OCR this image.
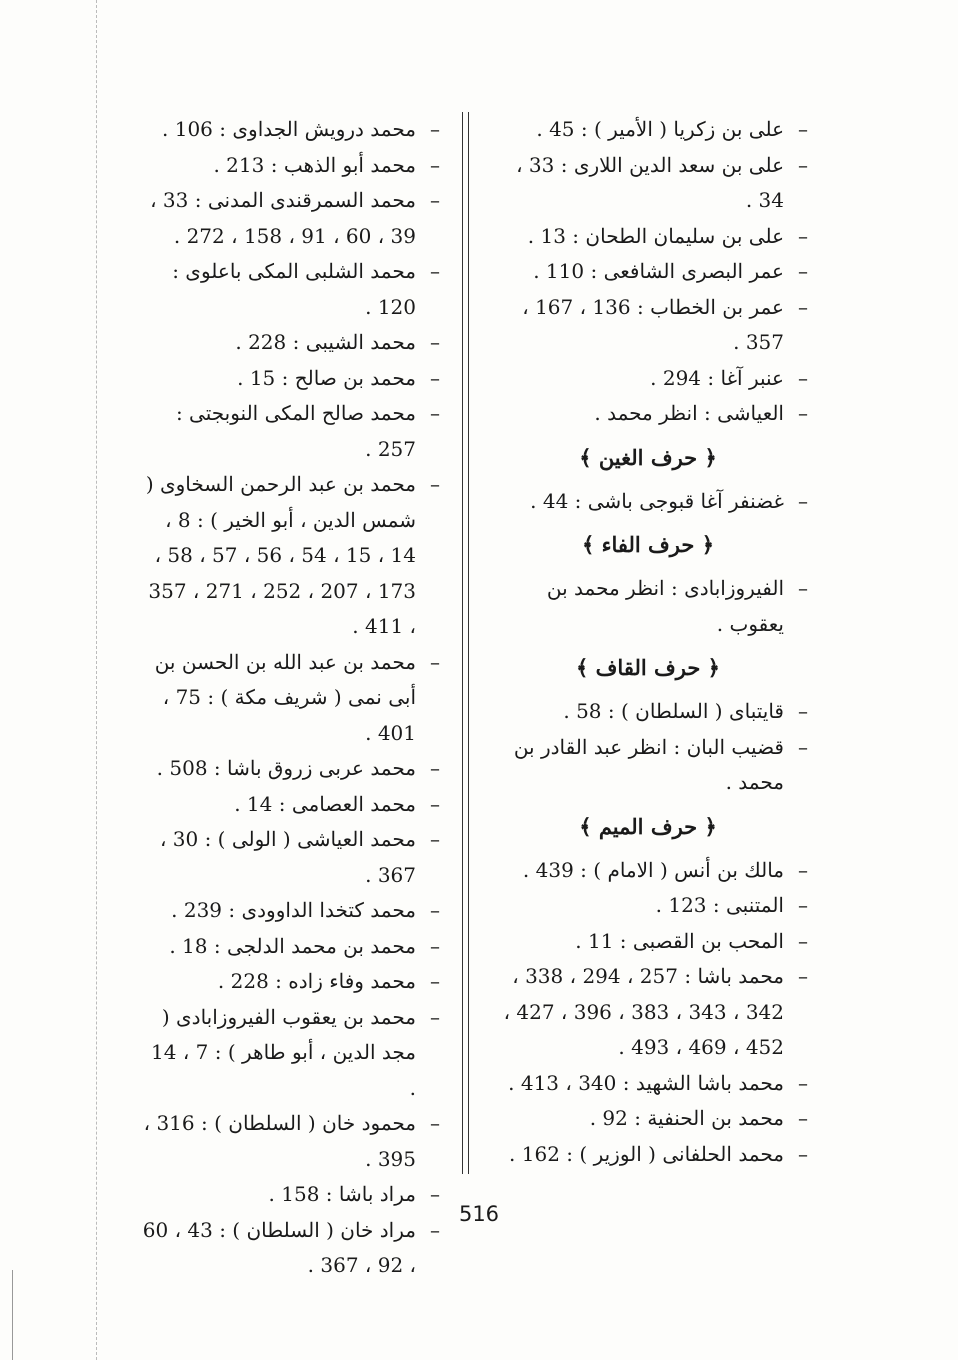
– على بن زكريا ( الأمير ) : 45 .
– على بن سعد الدين اللارى : 33 ، 34 .
– على بن سليمان الطحان : 13 .
– عمر البصرى الشافعى : 110 .
– عمر بن الخطاب : 136 ، 167 ، 357 .
– عنبر آغا : 294 .
– العياشى : انظر محمد .
﴿ حرف الغين ﴾
– غضنفر آغا قبوجى باشى : 44 .
﴿ حرف الفاء ﴾
– الفيروزابادى : انظر محمد بن يعقوب .
﴿ حرف القاف ﴾
– قايتباى ( السلطان ) : 58 .
– قضيب البان : انظر عبد القادر بن محمد .
﴿ حرف الميم ﴾
– مالك بن أنس ( الامام ) : 439 .
– المتنبى : 123 .
– المحب بن القصبى : 11 .
– محمد باشا : 257 ، 294 ، 338 ، 342 ، 343 ، 383 ، 396 ، 427 ، 452 ، 469 ، 493 .
– محمد باشا الشهيد : 340 ، 413 .
– محمد بن الحنفية : 92 .
– محمد الحلفانى ( الوزير ) : 162 .
– محمد درويش الجداوى : 106 .
– محمد أبو الذهب : 213 .
– محمد السمرقندى المدنى : 33 ، 39 ، 60 ، 91 ، 158 ، 272 .
– محمد الشلبى المكى باعلوى : 120 .
– محمد الشيبى : 228 .
– محمد بن صالح : 15 .
– محمد صالح المكى النوبجتى : 257 .
– محمد بن عبد الرحمن السخاوى ( شمس الدين ، أبو الخير ) : 8 ، 14 ، 15 ، 54 ، 56 ، 57 ، 58 ، 173 ، 207 ، 252 ، 271 ، 357 ، 411 .
– محمد بن عبد الله بن الحسن بن أبى نمى ( شريف مكة ) : 75 ، 401 .
– محمد عربى زروق باشا : 508 .
– محمد العصامى : 14 .
– محمد العياشى ( الولى ) : 30 ، 367 .
– محمد كتخدا الداوودى : 239 .
– محمد بن محمد الدلجى : 18 .
– محمد وفاء زاده : 228 .
– محمد بن يعقوب الفيروزابادى ( مجد الدين ، أبو طاهر ) : 7 ، 14 .
– محمود خان ( السلطان ) : 316 ، 395 .
– مراد باشا : 158 .
– مراد خان ( السلطان ) : 43 ، 60 ، 92 ، 367 .
516
